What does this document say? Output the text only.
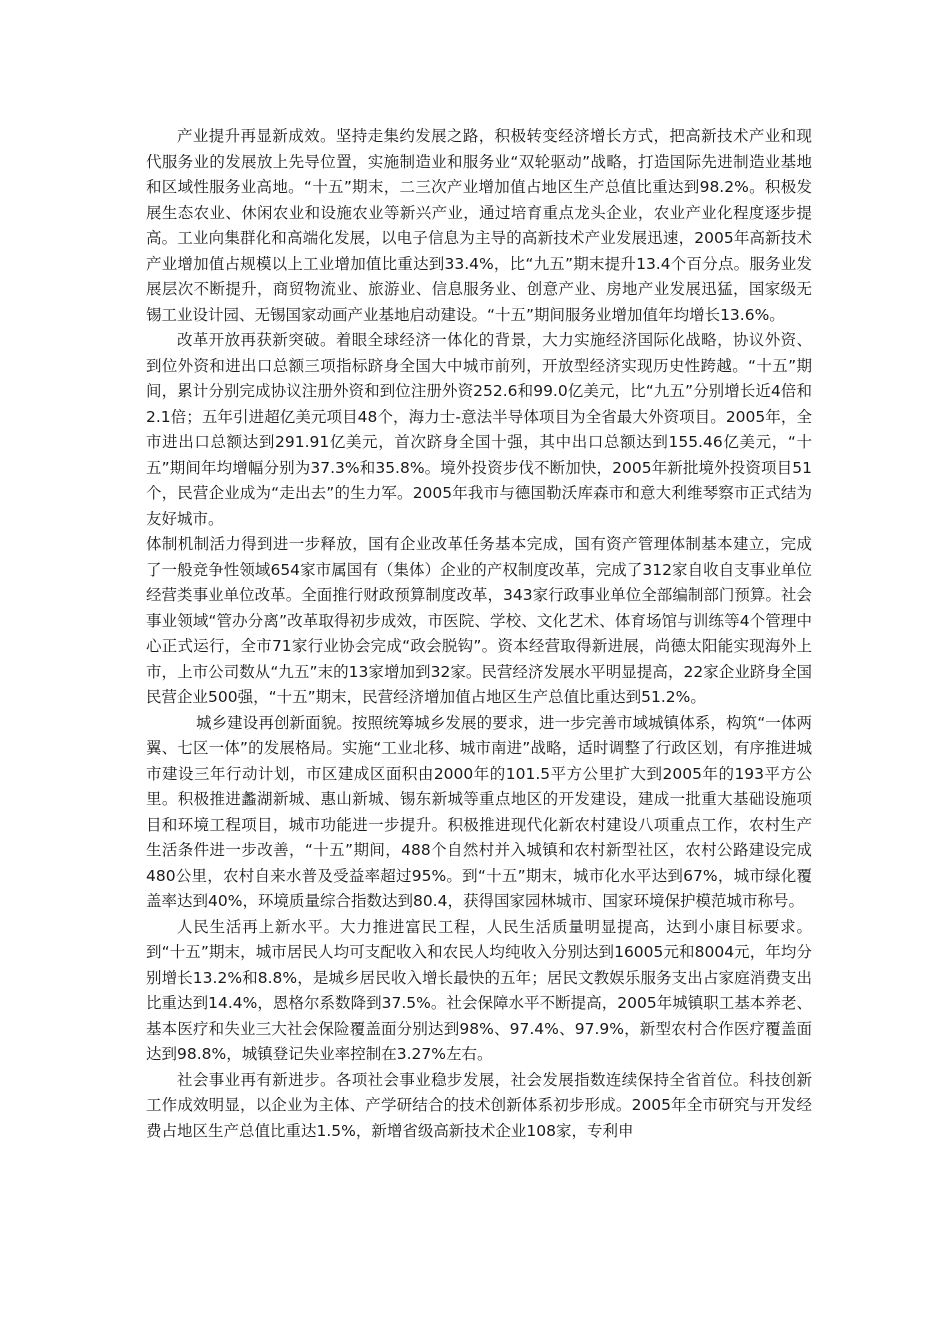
产业提升再显新成效。坚持走集约发展之路，积极转变经济增长方式，把高新技术产业和现代服务业的发展放上先导位置，实施制造业和服务业“双轮驱动”战略，打造国际先进制造业基地和区域性服务业高地。“十五”期末，二三次产业增加值占地区生产总值比重达到98.2%。积极发展生态农业、休闲农业和设施农业等新兴产业，通过培育重点龙头企业，农业产业化程度逐步提高。工业向集群化和高端化发展，以电子信息为主导的高新技术产业发展迅速，2005年高新技术产业增加值占规模以上工业增加值比重达到33.4%，比“九五”期末提升13.4个百分点。服务业发展层次不断提升，商贸物流业、旅游业、信息服务业、创意产业、房地产业发展迅猛，国家级无锡工业设计园、无锡国家动画产业基地启动建设。“十五”期间服务业增加值年均增长13.6%。

改革开放再获新突破。着眼全球经济一体化的背景，大力实施经济国际化战略，协议外资、到位外资和进出口总额三项指标跻身全国大中城市前列，开放型经济实现历史性跨越。“十五”期间，累计分别完成协议注册外资和到位注册外资252.6和99.0亿美元，比“九五”分别增长近4倍和2.1倍；五年引进超亿美元项目48个，海力士-意法半导体项目为全省最大外资项目。2005年，全市进出口总额达到291.91亿美元，首次跻身全国十强，其中出口总额达到155.46亿美元，“十五”期间年均增幅分别为37.3%和35.8%。境外投资步伐不断加快，2005年新批境外投资项目51个，民营企业成为“走出去”的生力军。2005年我市与德国勒沃库森市和意大利维琴察市正式结为友好城市。

体制机制活力得到进一步释放，国有企业改革任务基本完成，国有资产管理体制基本建立，完成了一般竞争性领域654家市属国有（集体）企业的产权制度改革，完成了312家自收自支事业单位经营类事业单位改革。全面推行财政预算制度改革，343家行政事业单位全部编制部门预算。社会事业领域“管办分离”改革取得初步成效，市医院、学校、文化艺术、体育场馆与训练等4个管理中心正式运行，全市71家行业协会完成“政会脱钩”。资本经营取得新进展，尚德太阳能实现海外上市，上市公司数从“九五”末的13家增加到32家。民营经济发展水平明显提高，22家企业跻身全国民营企业500强，“十五”期末，民营经济增加值占地区生产总值比重达到51.2%。

城乡建设再创新面貌。按照统筹城乡发展的要求，进一步完善市域城镇体系，构筑“一体两翼、七区一体”的发展格局。实施“工业北移、城市南进”战略，适时调整了行政区划，有序推进城市建设三年行动计划，市区建成区面积由2000年的101.5平方公里扩大到2005年的193平方公里。积极推进蠡湖新城、惠山新城、锡东新城等重点地区的开发建设，建成一批重大基础设施项目和环境工程项目，城市功能进一步提升。积极推进现代化新农村建设八项重点工作，农村生产生活条件进一步改善，“十五”期间，488个自然村并入城镇和农村新型社区，农村公路建设完成480公里，农村自来水普及受益率超过95%。到“十五”期末，城市化水平达到67%，城市绿化覆盖率达到40%，环境质量综合指数达到80.4，获得国家园林城市、国家环境保护模范城市称号。

人民生活再上新水平。大力推进富民工程，人民生活质量明显提高，达到小康目标要求。到“十五”期末，城市居民人均可支配收入和农民人均纯收入分别达到16005元和8004元，年均分别增长13.2%和8.8%，是城乡居民收入增长最快的五年；居民文教娱乐服务支出占家庭消费支出比重达到14.4%，恩格尔系数降到37.5%。社会保障水平不断提高，2005年城镇职工基本养老、基本医疗和失业三大社会保险覆盖面分别达到98%、97.4%、97.9%，新型农村合作医疗覆盖面达到98.8%，城镇登记失业率控制在3.27%左右。

社会事业再有新进步。各项社会事业稳步发展，社会发展指数连续保持全省首位。科技创新工作成效明显，以企业为主体、产学研结合的技术创新体系初步形成。2005年全市研究与开发经费占地区生产总值比重达1.5%，新增省级高新技术企业108家，专利申
